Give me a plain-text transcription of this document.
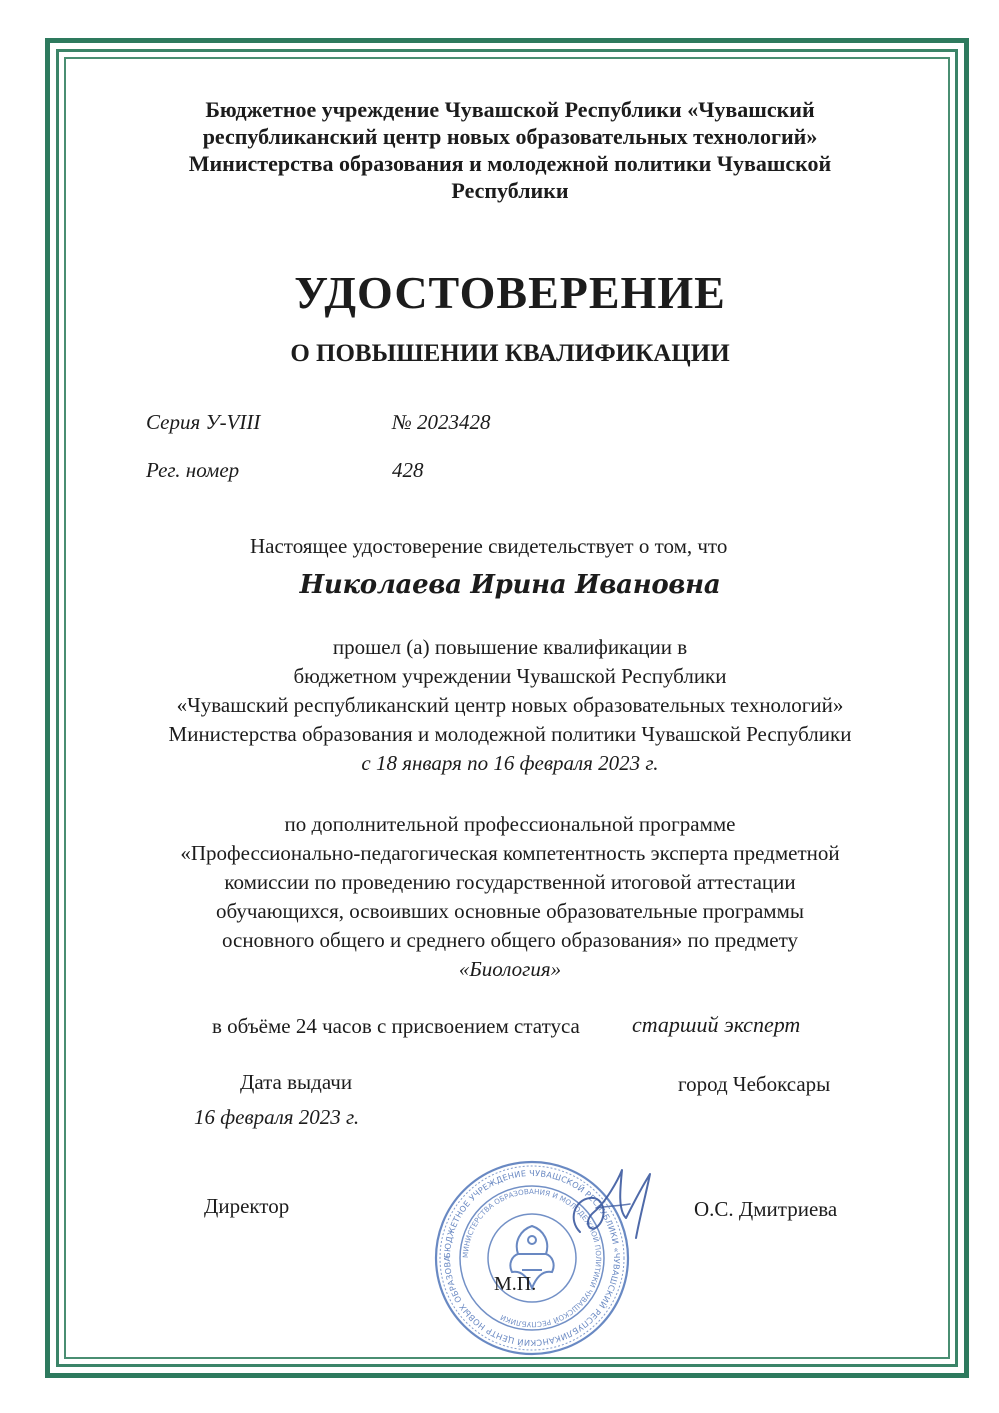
Бюджетное учреждение Чувашской Республики «Чувашский
республиканский центр новых образовательных технологий»
Министерства образования и молодежной политики Чувашской
Республики
УДОСТОВЕРЕНИЕ
О ПОВЫШЕНИИ КВАЛИФИКАЦИИ
Серия У-VIII	№ 2023428
Рег. номер	428
Настоящее удостоверение свидетельствует о том, что
Николаева Ирина Ивановна
прошел (а) повышение квалификации в
бюджетном учреждении Чувашской Республики
«Чувашский республиканский центр новых образовательных технологий»
Министерства образования и молодежной политики Чувашской Республики
с 18 января по 16 февраля 2023 г.
по дополнительной профессиональной программе
«Профессионально-педагогическая компетентность эксперта предметной
комиссии по проведению государственной итоговой аттестации
обучающихся, освоивших основные образовательные программы
основного общего и среднего общего образования» по предмету
«Биология»
в объёме 24 часов с присвоением статуса старший эксперт
Дата выдачи	город Чебоксары
16 февраля 2023 г.
Директор	О.С. Дмитриева
БЮДЖЕТНОЕ УЧРЕЖДЕНИЕ ЧУВАШСКОЙ РЕСПУБЛИКИ «ЧУВАШСКИЙ РЕСПУБЛИКАНСКИЙ ЦЕНТР НОВЫХ ОБРАЗОВА
МИНИСТЕРСТВА ОБРАЗОВАНИЯ И МОЛОДЕЖНОЙ ПОЛИТИКИ ЧУВАШСКОЙ РЕСПУБЛИКИ
М.П.
